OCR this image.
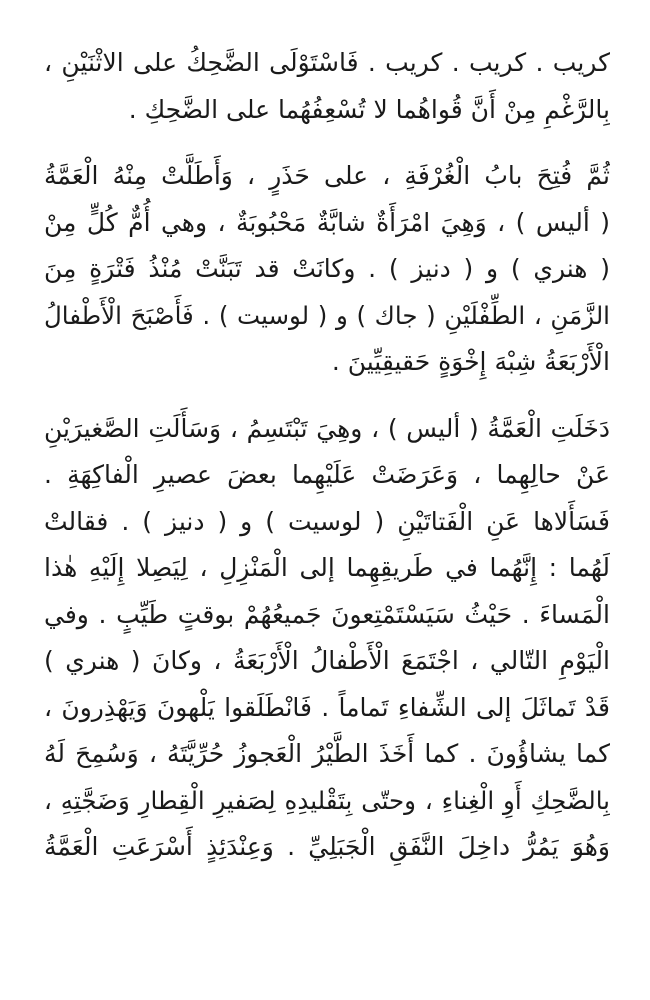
كريب . كريب . كريب . فَاسْتَوْلَى الضَّحِكُ على الاثْنَيْنِ ،
بِالرَّغْمِ مِنْ أَنَّ قُواهُما لا تُسْعِفُهُما على الضَّحِكِ .
ثُمَّ فُتِحَ بابُ الْغُرْفَةِ ، على حَذَرٍ ، وَأَطَلَّتْ مِنْهُ الْعَمَّةُ
( أليس ) ، وَهِيَ امْرَأَةٌ شابَّةٌ مَحْبُوبَةٌ ، وهي أُمٌّ كُلٍّ مِنْ
( هنري ) و ( دنيز ) . وكانَتْ قد تَبَنَّتْ مُنْذُ فَتْرَةٍ مِنَ
الزَّمَنِ ، الطِّفْلَيْنِ ( جاك ) و ( لوسيت ) . فَأَصْبَحَ الْأَطْفالُ
الْأَرْبَعَةُ شِبْهَ إِخْوَةٍ حَقيقِيِّينَ .
دَخَلَتِ الْعَمَّةُ ( أليس ) ، وهِيَ تَبْتَسِمُ ، وَسَأَلَتِ الصَّغيرَيْنِ
عَنْ حالِهِما ، وَعَرَضَتْ عَلَيْهِما بعضَ عصيرِ الْفاكِهَةِ .
فَسَأَلاها عَنِ الْفَتاتَيْنِ ( لوسيت ) و ( دنيز ) . فقالتْ
لَهُما : إِنَّهُما في طَريقِهِما إلى الْمَنْزِلِ ، لِيَصِلا إِلَيْهِ هٰذا
الْمَساءَ . حَيْثُ سَيَسْتَمْتِعونَ جَميعُهُمْ بوقتٍ طَيِّبٍ . وفي
الْيَوْمِ التّالي ، اجْتَمَعَ الْأَطْفالُ الْأَرْبَعَةُ ، وكانَ ( هنري )
قَدْ تَماثَلَ إلى الشِّفاءِ تَماماً . فَانْطَلَقوا يَلْهونَ وَيَهْذِرونَ ،
كما يشاؤُونَ . كما أَخَذَ الطَّيْرُ الْعَجوزُ حُرِّيَّتَهُ ، وَسُمِحَ لَهُ
بِالضَّحِكِ أَوِ الْغِناءِ ، وحتّى بِتَقْليدِهِ لِصَفيرِ الْقِطارِ وَضَجَّتِهِ ،
وَهُوَ يَمُرُّ داخِلَ النَّفَقِ الْجَبَلِيِّ . وَعِنْدَئِذٍ أَسْرَعَتِ الْعَمَّةُ
